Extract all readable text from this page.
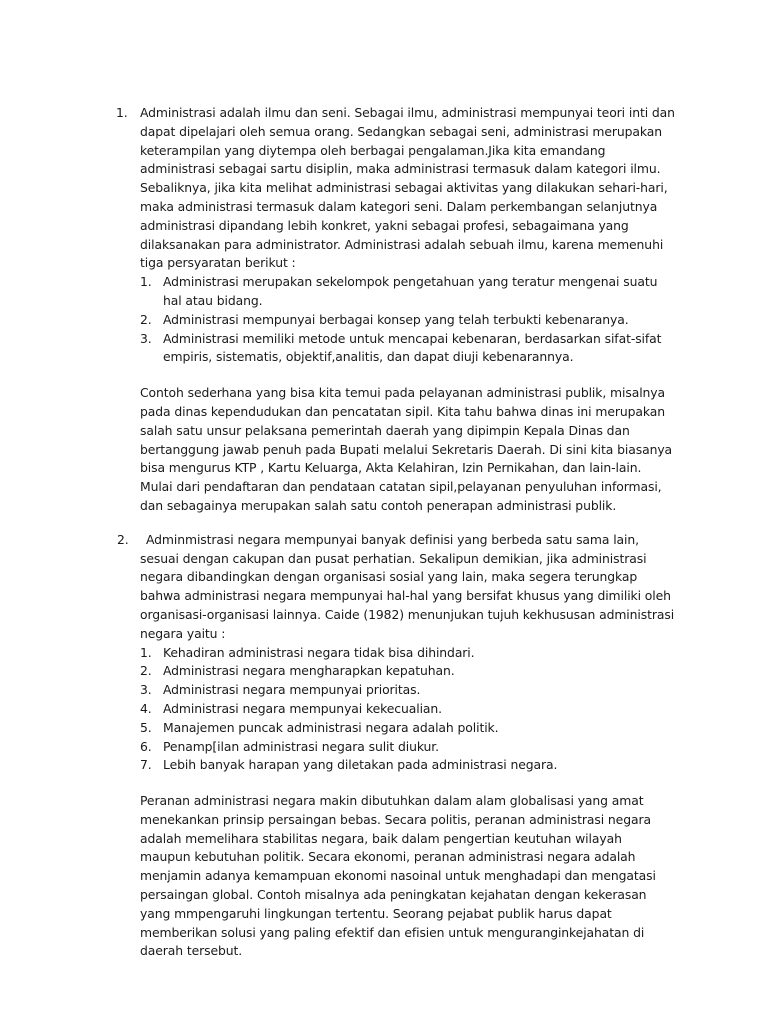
1. Administrasi adalah ilmu dan seni. Sebagai ilmu, administrasi mempunyai teori inti dan dapat dipelajari oleh semua orang. Sedangkan sebagai seni, administrasi merupakan keterampilan yang diytempa oleh berbagai pengalaman.Jika kita emandang administrasi sebagai sartu disiplin, maka administrasi termasuk dalam kategori ilmu. Sebaliknya, jika kita melihat administrasi sebagai aktivitas yang dilakukan sehari-hari, maka administrasi termasuk dalam kategori seni. Dalam perkembangan selanjutnya administrasi dipandang lebih konkret, yakni sebagai profesi, sebagaimana yang dilaksanakan para administrator. Administrasi adalah sebuah ilmu, karena memenuhi tiga persyaratan berikut :

1. Administrasi merupakan sekelompok pengetahuan yang teratur mengenai suatu hal atau bidang.
2. Administrasi mempunyai berbagai konsep yang telah terbukti kebenaranya.
3. Administrasi memiliki metode untuk mencapai kebenaran, berdasarkan sifat-sifat empiris, sistematis, objektif,analitis, dan dapat diuji kebenarannya.

Contoh sederhana yang bisa kita temui pada pelayanan administrasi publik, misalnya pada dinas kependudukan dan pencatatan sipil. Kita tahu bahwa dinas ini merupakan salah satu unsur pelaksana pemerintah daerah yang dipimpin Kepala Dinas dan bertanggung jawab penuh pada Bupati melalui Sekretaris Daerah. Di sini kita biasanya bisa mengurus KTP , Kartu Keluarga, Akta Kelahiran, Izin Pernikahan, dan lain-lain. Mulai dari pendaftaran dan pendataan catatan sipil,pelayanan penyuluhan informasi, dan sebagainya merupakan salah satu contoh penerapan administrasi publik.

2.	Adminmistrasi negara mempunyai banyak definisi yang berbeda satu sama lain, sesuai dengan cakupan dan pusat perhatian. Sekalipun demikian, jika administrasi negara dibandingkan dengan organisasi sosial yang lain, maka segera terungkap bahwa administrasi negara mempunyai hal-hal yang bersifat khusus yang dimiliki oleh organisasi-organisasi lainnya. Caide (1982) menunjukan tujuh kekhususan administrasi negara yaitu :

1. Kehadiran administrasi negara tidak bisa dihindari.
2. Administrasi negara mengharapkan kepatuhan.
3. Administrasi negara mempunyai prioritas.
4. Administrasi negara mempunyai kekecualian.
5. Manajemen puncak administrasi negara adalah politik.
6. Penamp[ilan administrasi negara sulit diukur.
7. Lebih banyak harapan yang diletakan pada administrasi negara.

Peranan administrasi negara makin dibutuhkan dalam alam globalisasi yang amat menekankan prinsip persaingan bebas. Secara politis, peranan administrasi negara adalah memelihara stabilitas negara, baik dalam pengertian keutuhan wilayah maupun kebutuhan politik. Secara ekonomi, peranan administrasi negara adalah menjamin adanya kemampuan ekonomi nasoinal untuk menghadapi dan mengatasi persaingan global. Contoh misalnya ada peningkatan kejahatan dengan kekerasan yang mmpengaruhi lingkungan tertentu. Seorang pejabat publik harus dapat memberikan solusi yang paling efektif dan efisien untuk menguranginkejahatan di daerah tersebut.
